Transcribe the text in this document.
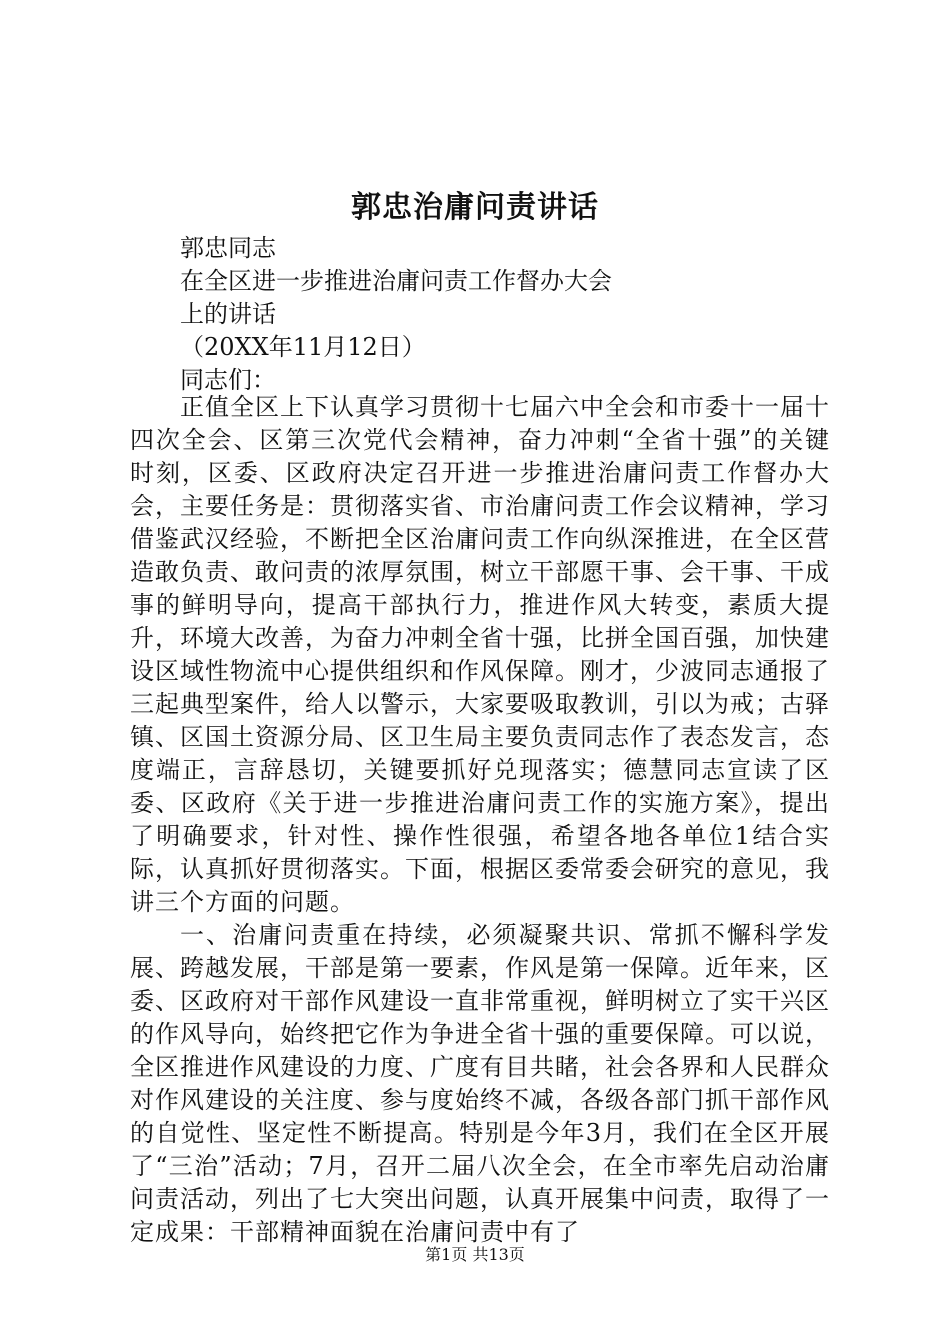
郭忠治庸问责讲话
郭忠同志
在全区进一步推进治庸问责工作督办大会
上的讲话
（20XX年11月12日）
同志们：

正值全区上下认真学习贯彻十七届六中全会和市委十一届十四次全会、区第三次党代会精神，奋力冲刺“全省十强”的关键时刻，区委、区政府决定召开进一步推进治庸问责工作督办大会，主要任务是：贯彻落实省、市治庸问责工作会议精神，学习借鉴武汉经验，不断把全区治庸问责工作向纵深推进，在全区营造敢负责、敢问责的浓厚氛围，树立干部愿干事、会干事、干成事的鲜明导向，提高干部执行力，推进作风大转变，素质大提升，环境大改善，为奋力冲刺全省十强，比拼全国百强，加快建设区域性物流中心提供组织和作风保障。刚才，少波同志通报了三起典型案件，给人以警示，大家要吸取教训，引以为戒；古驿镇、区国土资源分局、区卫生局主要负责同志作了表态发言，态度端正，言辞恳切，关键要抓好兑现落实；德慧同志宣读了区委、区政府《关于进一步推进治庸问责工作的实施方案》，提出了明确要求，针对性、操作性很强，希望各地各单位1结合实际，认真抓好贯彻落实。下面，根据区委常委会研究的意见，我讲三个方面的问题。

一、治庸问责重在持续，必须凝聚共识、常抓不懈科学发展、跨越发展，干部是第一要素，作风是第一保障。近年来，区委、区政府对干部作风建设一直非常重视，鲜明树立了实干兴区的作风导向，始终把它作为争进全省十强的重要保障。可以说，全区推进作风建设的力度、广度有目共睹，社会各界和人民群众对作风建设的关注度、参与度始终不减，各级各部门抓干部作风的自觉性、坚定性不断提高。特别是今年3月，我们在全区开展了“三治”活动；7月，召开二届八次全会，在全市率先启动治庸问责活动，列出了七大突出问题，认真开展集中问责，取得了一定成果：干部精神面貌在治庸问责中有了

第1页 共13页
